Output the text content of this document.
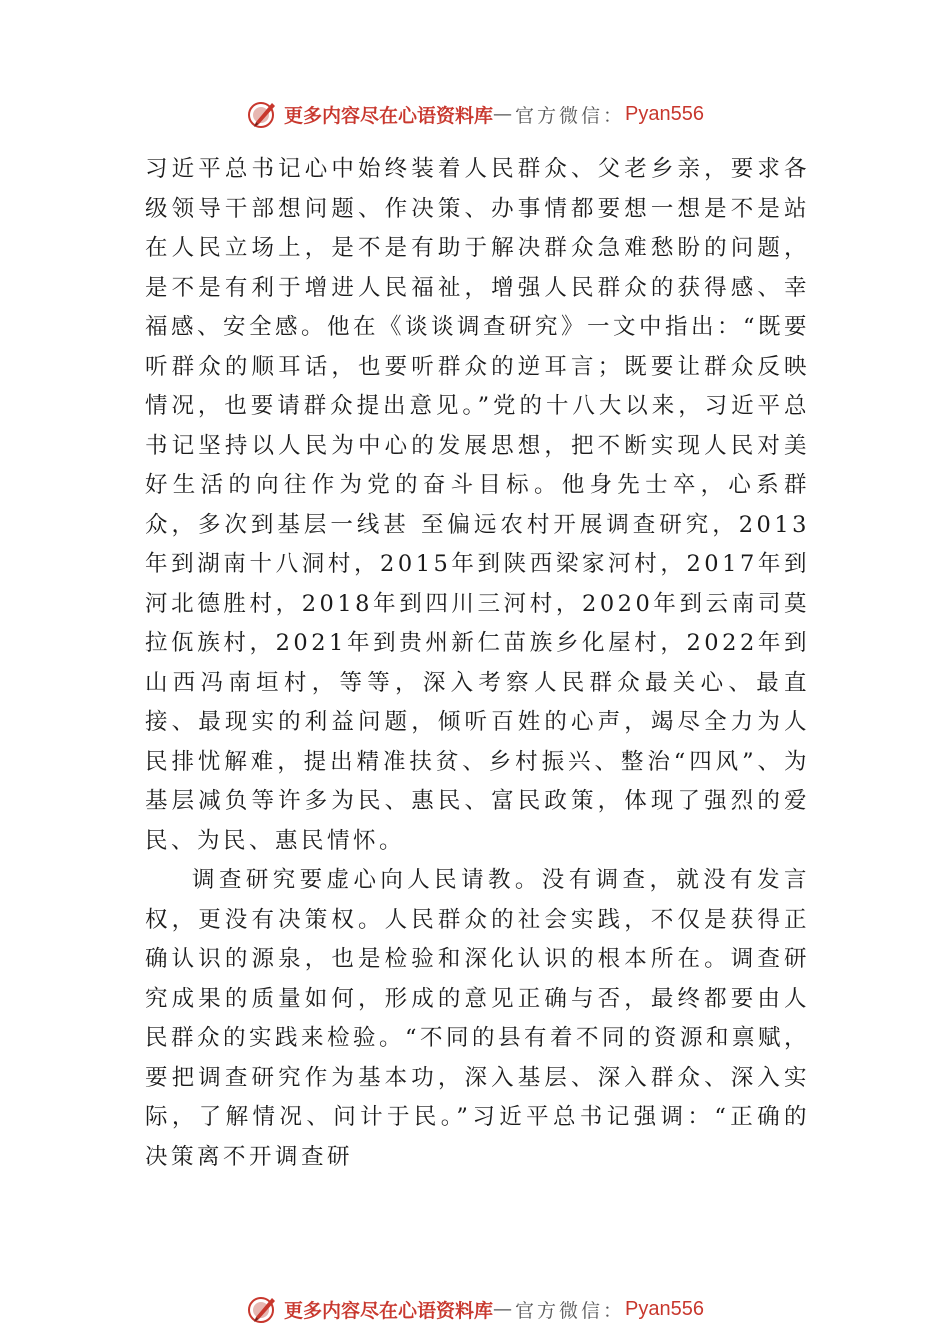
更多内容尽在心语资料库 — 官方微信： Pyan556

习近平总书记心中始终装着人民群众、父老乡亲，要求各级领导干部想问题、作决策、办事情都要想一想是不是站在人民立场上，是不是有助于解决群众急难愁盼的问题，是不是有利于增进人民福祉，增强人民群众的获得感、幸福感、安全感。他在《谈谈调查研究》一文中指出：“既要听群众的顺耳话，也要听群众的逆耳言；既要让群众反映情况，也要请群众提出意见。”党的十八大以来，习近平总书记坚持以人民为中心的发展思想，把不断实现人民对美好生活的向往作为党的奋斗目标。他身先士卒，心系群众，多次到基层一线甚 至偏远农村开展调查研究，2013年到湖南十八洞村，2015年到陕西梁家河村，2017年到河北德胜村，2018年到四川三河村，2020年到云南司莫拉佤族村，2021年到贵州新仁苗族乡化屋村，2022年到山西冯南垣村，等等，深入考察人民群众最关心、最直接、最现实的利益问题，倾听百姓的心声，竭尽全力为人民排忧解难，提出精准扶贫、乡村振兴、整治“四风”、为基层减负等许多为民、惠民、富民政策，体现了强烈的爱民、为民、惠民情怀。

调查研究要虚心向人民请教。没有调查，就没有发言权，更没有决策权。人民群众的社会实践，不仅是获得正确认识的源泉，也是检验和深化认识的根本所在。调查研究成果的质量如何，形成的意见正确与否，最终都要由人民群众的实践来检验。“不同的县有着不同的资源和禀赋，要把调查研究作为基本功，深入基层、深入群众、深入实际，了解情况、问计于民。”习近平总书记强调：“正确的决策离不开调查研

更多内容尽在心语资料库 — 官方微信： Pyan556
